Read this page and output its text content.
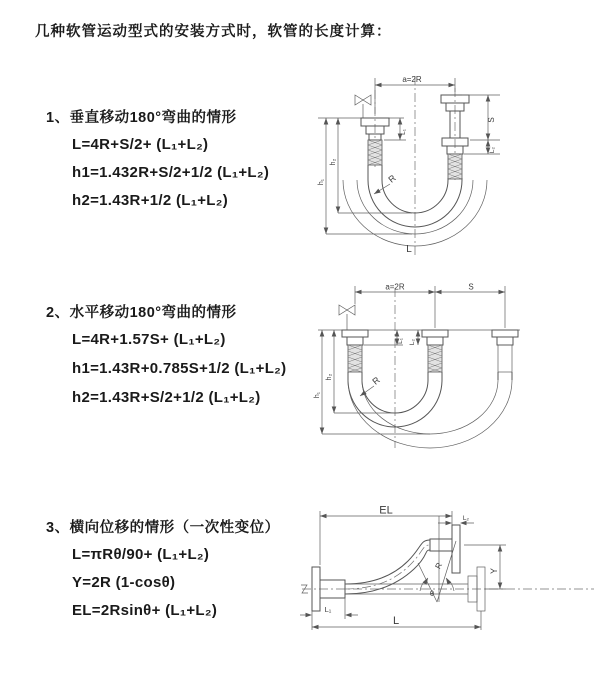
几种软管运动型式的安装方式时，软管的长度计算：
1、垂直移动180°弯曲的情形
L=4R+S/2+ (L₁+L₂)
h1=1.432R+S/2+1/2 (L₁+L₂)
h2=1.43R+1/2 (L₁+L₂)
2、水平移动180°弯曲的情形
L=4R+1.57S+ (L₁+L₂)
h1=1.43R+0.785S+1/2 (L₁+L₂)
h2=1.43R+S/2+1/2 (L₁+L₂)
3、横向位移的情形（一次性变位）
L=πRθ/90+ (L₁+L₂)
Y=2R (1-cosθ)
EL=2Rsinθ+ (L₁+L₂)
a=2R
h₁
h₂
L₁
S
L₂
R
L
a=2R	S
h₁
h₂
L₁ L₂
R
EL
L₂
L₁
θ
R
Y
L
